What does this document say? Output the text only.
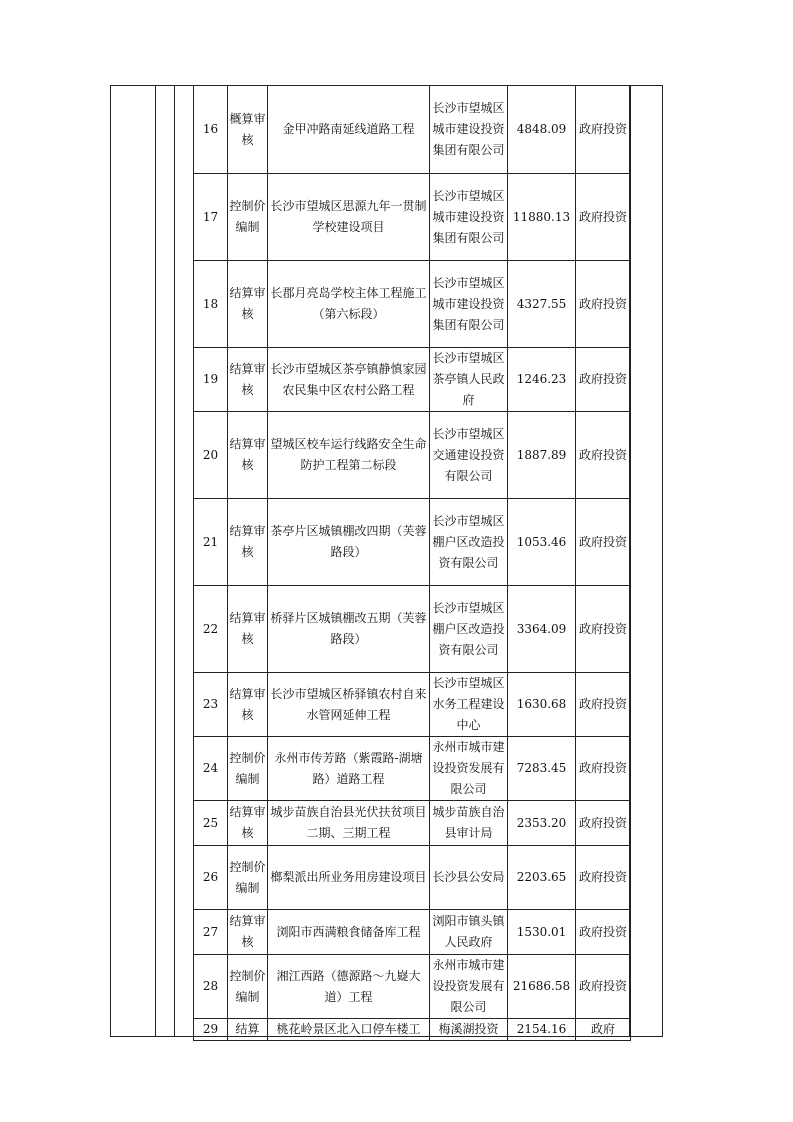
16	概算审核	金甲冲路南延线道路工程	长沙市望城区城市建设投资集团有限公司	4848.09	政府投资
17	控制价编制	长沙市望城区思源九年一贯制学校建设项目	长沙市望城区城市建设投资集团有限公司	11880.13	政府投资
18	结算审核	长郡月亮岛学校主体工程施工（第六标段）	长沙市望城区城市建设投资集团有限公司	4327.55	政府投资
19	结算审核	长沙市望城区茶亭镇静慎家园农民集中区农村公路工程	长沙市望城区茶亭镇人民政府	1246.23	政府投资
20	结算审核	望城区校车运行线路安全生命防护工程第二标段	长沙市望城区交通建设投资有限公司	1887.89	政府投资
21	结算审核	茶亭片区城镇棚改四期（芙蓉路段）	长沙市望城区棚户区改造投资有限公司	1053.46	政府投资
22	结算审核	桥驿片区城镇棚改五期（芙蓉路段）	长沙市望城区棚户区改造投资有限公司	3364.09	政府投资
23	结算审核	长沙市望城区桥驿镇农村自来水管网延伸工程	长沙市望城区水务工程建设中心	1630.68	政府投资
24	控制价编制	永州市传芳路（紫霞路-湖塘路）道路工程	永州市城市建设投资发展有限公司	7283.45	政府投资
25	结算审核	城步苗族自治县光伏扶贫项目二期、三期工程	城步苗族自治县审计局	2353.20	政府投资
26	控制价编制	榔梨派出所业务用房建设项目	长沙县公安局	2203.65	政府投资
27	结算审核	浏阳市西满粮食储备库工程	浏阳市镇头镇人民政府	1530.01	政府投资
28	控制价编制	湘江西路（德源路～九嶷大道）工程	永州市城市建设投资发展有限公司	21686.58	政府投资
29	结算	桃花岭景区北入口停车楼工	梅溪湖投资	2154.16	政府
